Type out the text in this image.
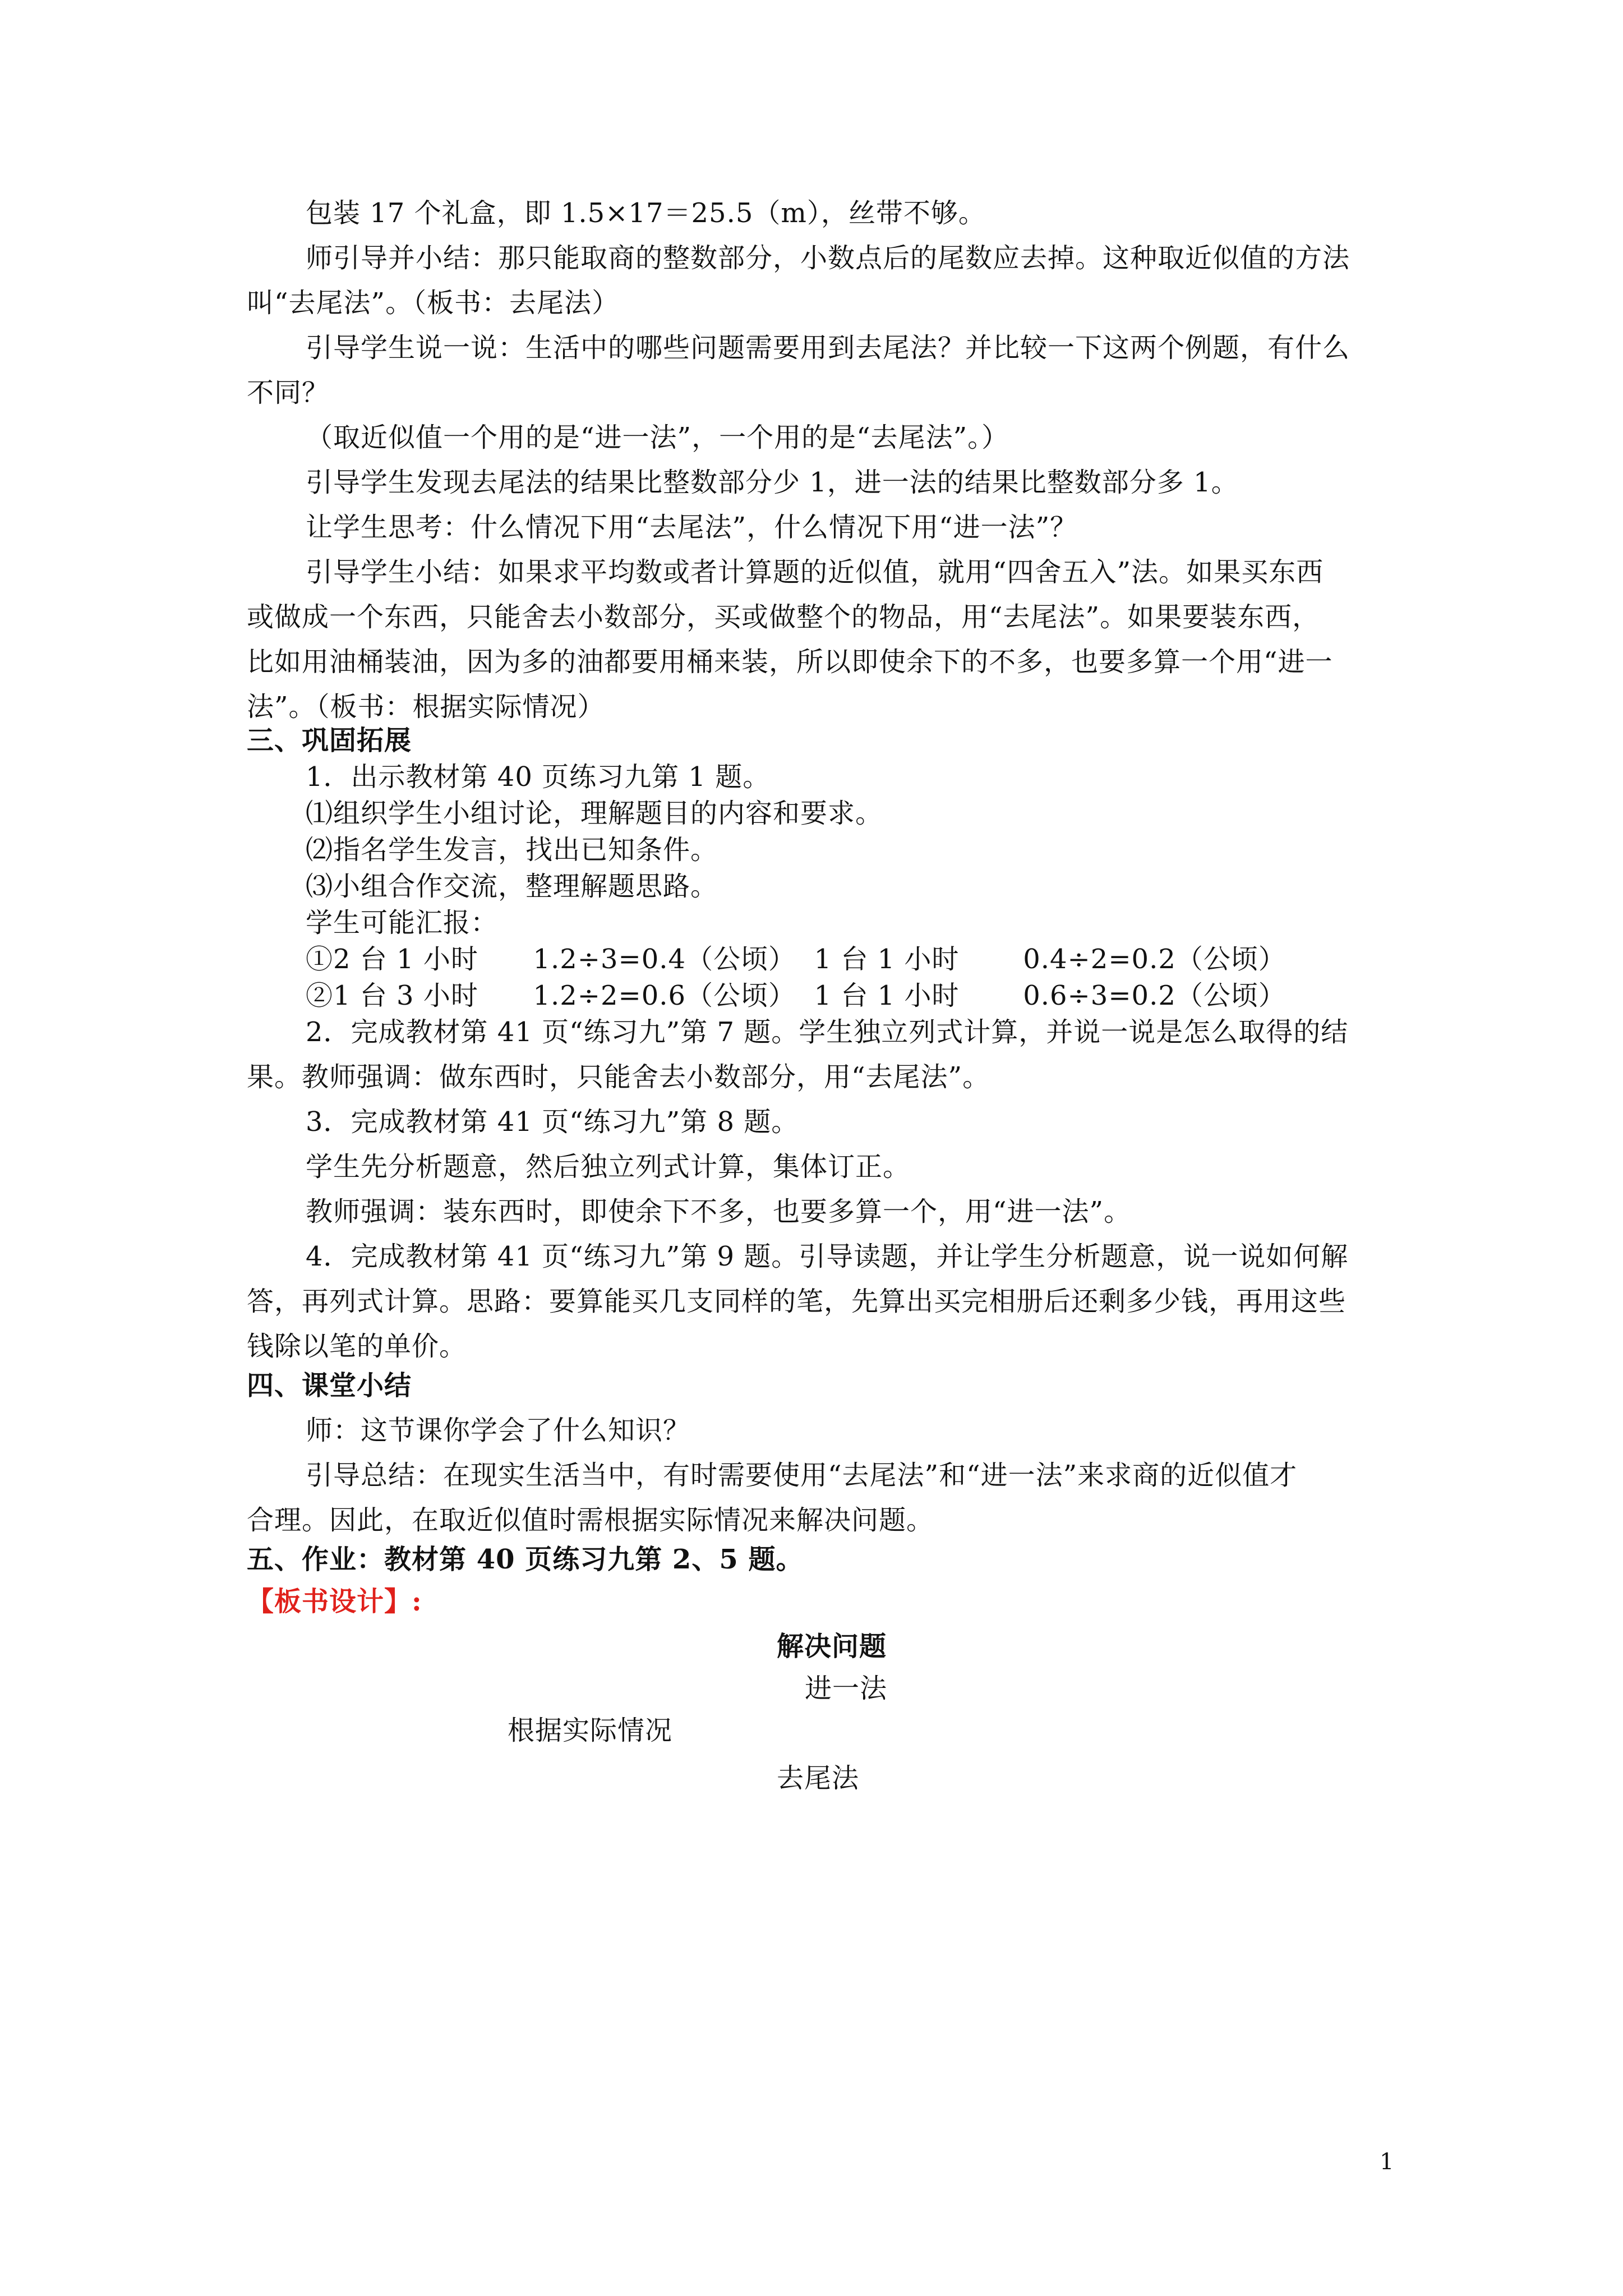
包装 17 个礼盒，即 1.5×17＝25.5（m），丝带不够。
师引导并小结：那只能取商的整数部分，小数点后的尾数应去掉。这种取近似值的方法
叫“去尾法”。（板书：去尾法）
引导学生说一说：生活中的哪些问题需要用到去尾法？并比较一下这两个例题，有什么
不同？
（取近似值一个用的是“进一法”，一个用的是“去尾法”。）
引导学生发现去尾法的结果比整数部分少 1，进一法的结果比整数部分多 1。
让学生思考：什么情况下用“去尾法”，什么情况下用“进一法”？
引导学生小结：如果求平均数或者计算题的近似值，就用“四舍五入”法。如果买东西
或做成一个东西，只能舍去小数部分，买或做整个的物品，用“去尾法”。如果要装东西，
比如用油桶装油，因为多的油都要用桶来装，所以即使余下的不多，也要多算一个用“进一
法”。（板书：根据实际情况）
三、巩固拓展
1．出示教材第 40 页练习九第 1 题。
⑴组织学生小组讨论，理解题目的内容和要求。
⑵指名学生发言，找出已知条件。
⑶小组合作交流，整理解题思路。
学生可能汇报：
①2 台 1 小时      1.2÷3=0.4（公顷）  1 台 1 小时       0.4÷2=0.2（公顷）
②1 台 3 小时      1.2÷2=0.6（公顷）  1 台 1 小时       0.6÷3=0.2（公顷）
2．完成教材第 41 页“练习九”第 7 题。学生独立列式计算，并说一说是怎么取得的结
果。教师强调：做东西时，只能舍去小数部分，用“去尾法”。
3．完成教材第 41 页“练习九”第 8 题。
学生先分析题意，然后独立列式计算，集体订正。
教师强调：装东西时，即使余下不多，也要多算一个，用“进一法”。
4．完成教材第 41 页“练习九”第 9 题。引导读题，并让学生分析题意，说一说如何解
答，再列式计算。思路：要算能买几支同样的笔，先算出买完相册后还剩多少钱，再用这些
钱除以笔的单价。
四、课堂小结
师：这节课你学会了什么知识？
引导总结：在现实生活当中，有时需要使用“去尾法”和“进一法”来求商的近似值才
合理。因此，在取近似值时需根据实际情况来解决问题。
五、作业：教材第 40 页练习九第 2、5 题。
【板书设计】:
解决问题
进一法
根据实际情况
去尾法
1
